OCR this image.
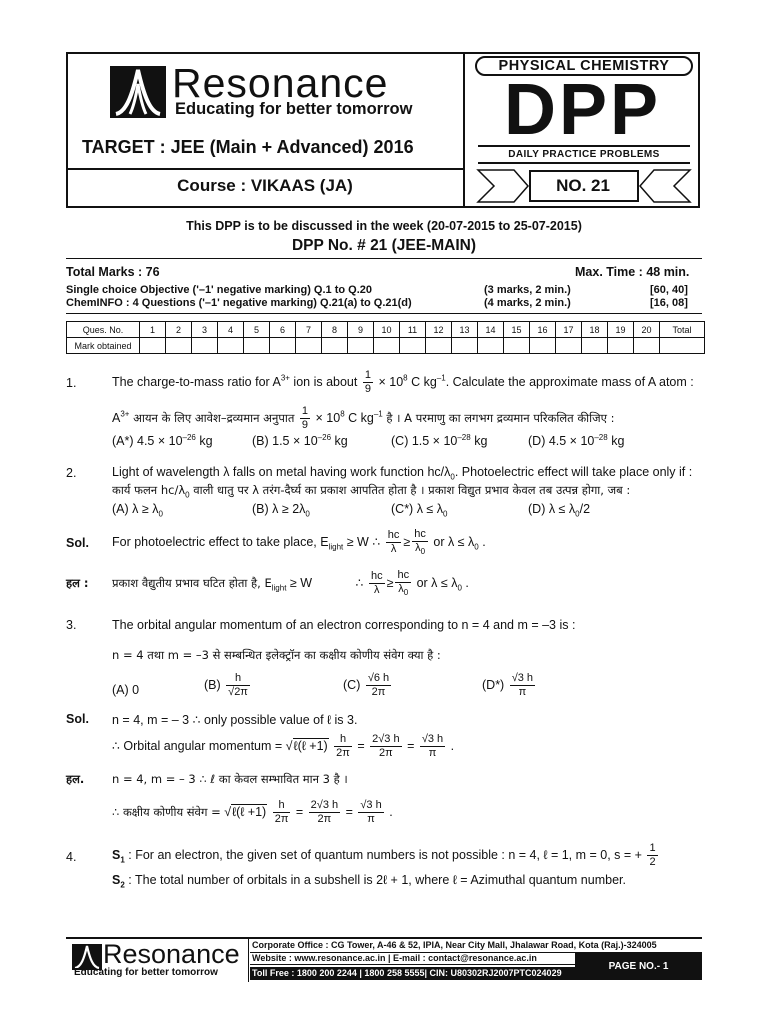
Resonance
Educating for better tomorrow
TARGET : JEE (Main + Advanced) 2016
Course : VIKAAS (JA)
PHYSICAL CHEMISTRY
DPP
DAILY PRACTICE PROBLEMS
NO. 21
This DPP is to be discussed in the week (20-07-2015 to 25-07-2015)
DPP No. # 21 (JEE-MAIN)
Total Marks : 76	Max. Time : 48 min.
Single choice Objective ('–1' negative marking) Q.1 to Q.20	(3 marks, 2 min.)	[60, 40]
ChemINFO : 4 Questions ('–1' negative marking) Q.21(a) to Q.21(d)	(4 marks, 2 min.)	[16, 08]
Ques. No.	1	2	3	4	5	6	7	8	9	10	11	12	13	14	15	16	17	18	19	20	Total
Mark obtained																					
1.	The charge-to-mass ratio for $A^{3+}$ ion is about $\frac{1}{9} \times 10^8$ C $kg^{-1}$. Calculate the approximate mass of A atom :
$A^{3+}$ आयन के लिए आवेश–द्रव्यमान अनुपात $\frac{1}{9} \times 10^8$ C $kg^{-1}$ है । A परमाणु का लगभग द्रव्यमान परिकलित कीजिए :
(A*) $4.5 \times 10^{-26}$ kg	(B) $1.5 \times 10^{-26}$ kg	(C) $1.5 \times 10^{-28}$ kg	(D) $4.5 \times 10^{-28}$ kg
2.	Light of wavelength λ falls on metal having work function $hc/\lambda_0$. Photoelectric effect will take place only if :
कार्य फलन $hc/\lambda_0$ वाली धातु पर λ तरंग-दैर्घ्य का प्रकाश आपतित होता है । प्रकाश विद्युत प्रभाव केवल तब उत्पन्न होगा, जब :
(A) $\lambda \ge \lambda_0$	(B) $\lambda \ge 2\lambda_0$	(C*) $\lambda \le \lambda_0$	(D) $\lambda \le \lambda_0/2$
Sol. For photoelectric effect to take place, $E_{light} \ge W$ ∴ $\frac{hc}{\lambda} \ge \frac{hc}{\lambda_0}$ or $\lambda \le \lambda_0$ .
हल : प्रकाश वैद्युतीय प्रभाव घटित होता है, $E_{light} \ge W$	∴ $\frac{hc}{\lambda} \ge \frac{hc}{\lambda_0}$ or $\lambda \le \lambda_0$ .
3.	The orbital angular momentum of an electron corresponding to n = 4 and m = –3 is :
n = 4 तथा m = –3 से सम्बन्धित इलेक्ट्रॉन का कक्षीय कोणीय संवेग क्या है :
(A) 0	$(B) \frac{h}{√2\pi}$	$(C) \frac{√6 h}{2\pi}$	$(D*) \frac{√3 h}{\pi}$
Sol. n = 4, m = – 3 ∴ only possible value of ℓ is 3.
∴ Orbital angular momentum = √ℓ(ℓ $+1) \frac{h}{2\pi} = \frac{2√3 h}{2\pi} = \frac{√3 h}{\pi}$ .
हल. n = 4, m = – 3 ∴ ℓ का केवल सम्भावित मान 3 है ।
∴ कक्षीय कोणीय संवेग = √ℓ(ℓ $+1) \frac{h}{2\pi} = \frac{2√3 h}{2\pi} = \frac{√3 h}{\pi}$ .
4.	$S_1$ : For an electron, the given set of quantum numbers is not possible : n = 4, ℓ = 1, m = 0, s = + $\frac{1}{2}$
$S_2$ : The total number of orbitals in a subshell is 2ℓ + 1, where ℓ = Azimuthal quantum number.
Resonance
Educating for better tomorrow
Corporate Office : CG Tower, A-46 & 52, IPIA, Near City Mall, Jhalawar Road, Kota (Raj.)-324005
Website : www.resonance.ac.in | E-mail : contact@resonance.ac.in
Toll Free : 1800 200 2244 | 1800 258 5555| CIN: U80302RJ2007PTC024029
PAGE NO.- 1
